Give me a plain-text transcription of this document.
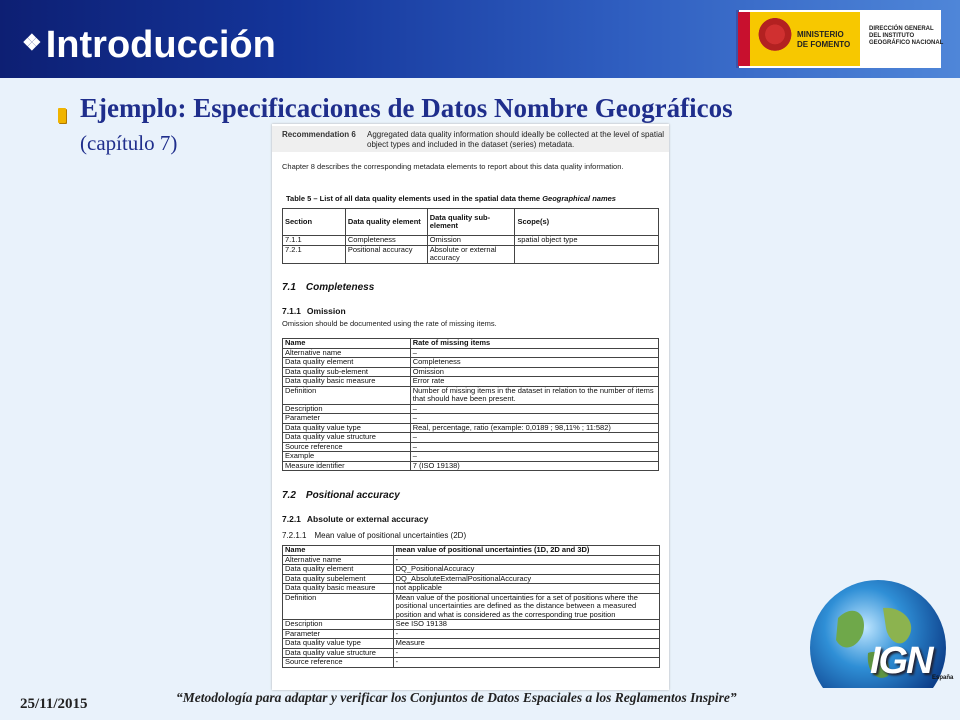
❖ Introducción	MINISTERIO
DE FOMENTO
DIRECCIÓN GENERAL
DEL INSTITUTO
GEOGRÁFICO NACIONAL
Ejemplo: Especificaciones de Datos Nombre Geográficos
(capítulo 7)	Recommendation 6 Aggregated data quality information should ideally be collected at the level of spatial object types and included in the dataset (series) metadata.
Chapter 8 describes the corresponding metadata elements to report about this data quality information.
Table 5 – List of all data quality elements used in the spatial data theme Geographical names
Section	Data quality element	Data quality sub-element	Scope(s)
7.1.1	Completeness	Omission	spatial object type
7.2.1	Positional accuracy	Absolute or external accuracy	
7.1 Completeness
7.1.1 Omission
Omission should be documented using the rate of missing items.
Name	Rate of missing items
Alternative name	–
Data quality element	Completeness
Data quality sub-element	Omission
Data quality basic measure	Error rate
Definition	Number of missing items in the dataset in relation to the number of items that should have been present.
Description	–
Parameter	–
Data quality value type	Real, percentage, ratio (example: 0,0189 ; 98,11% ; 11:582)
Data quality value structure	–
Source reference	–
Example	–
Measure identifier	7 (ISO 19138)
7.2 Positional accuracy
7.2.1 Absolute or external accuracy
7.2.1.1 Mean value of positional uncertainties (2D)
Name	mean value of positional uncertainties (1D, 2D and 3D)
Alternative name	-
Data quality element	DQ_PositionalAccuracy
Data quality subelement	DQ_AbsoluteExternalPositionalAccuracy
Data quality basic measure	not applicable
Definition	Mean value of the positional uncertainties for a set of positions where the positional uncertainties are defined as the distance between a measured position and what is considered as the corresponding true position
Description	See ISO 19138
Parameter	-
Data quality value type	Measure
Data quality value structure	-
Source reference	-	IGN España
25/11/2015	“Metodología para adaptar y verificar los Conjuntos de Datos Espaciales a los Reglamentos Inspire”
